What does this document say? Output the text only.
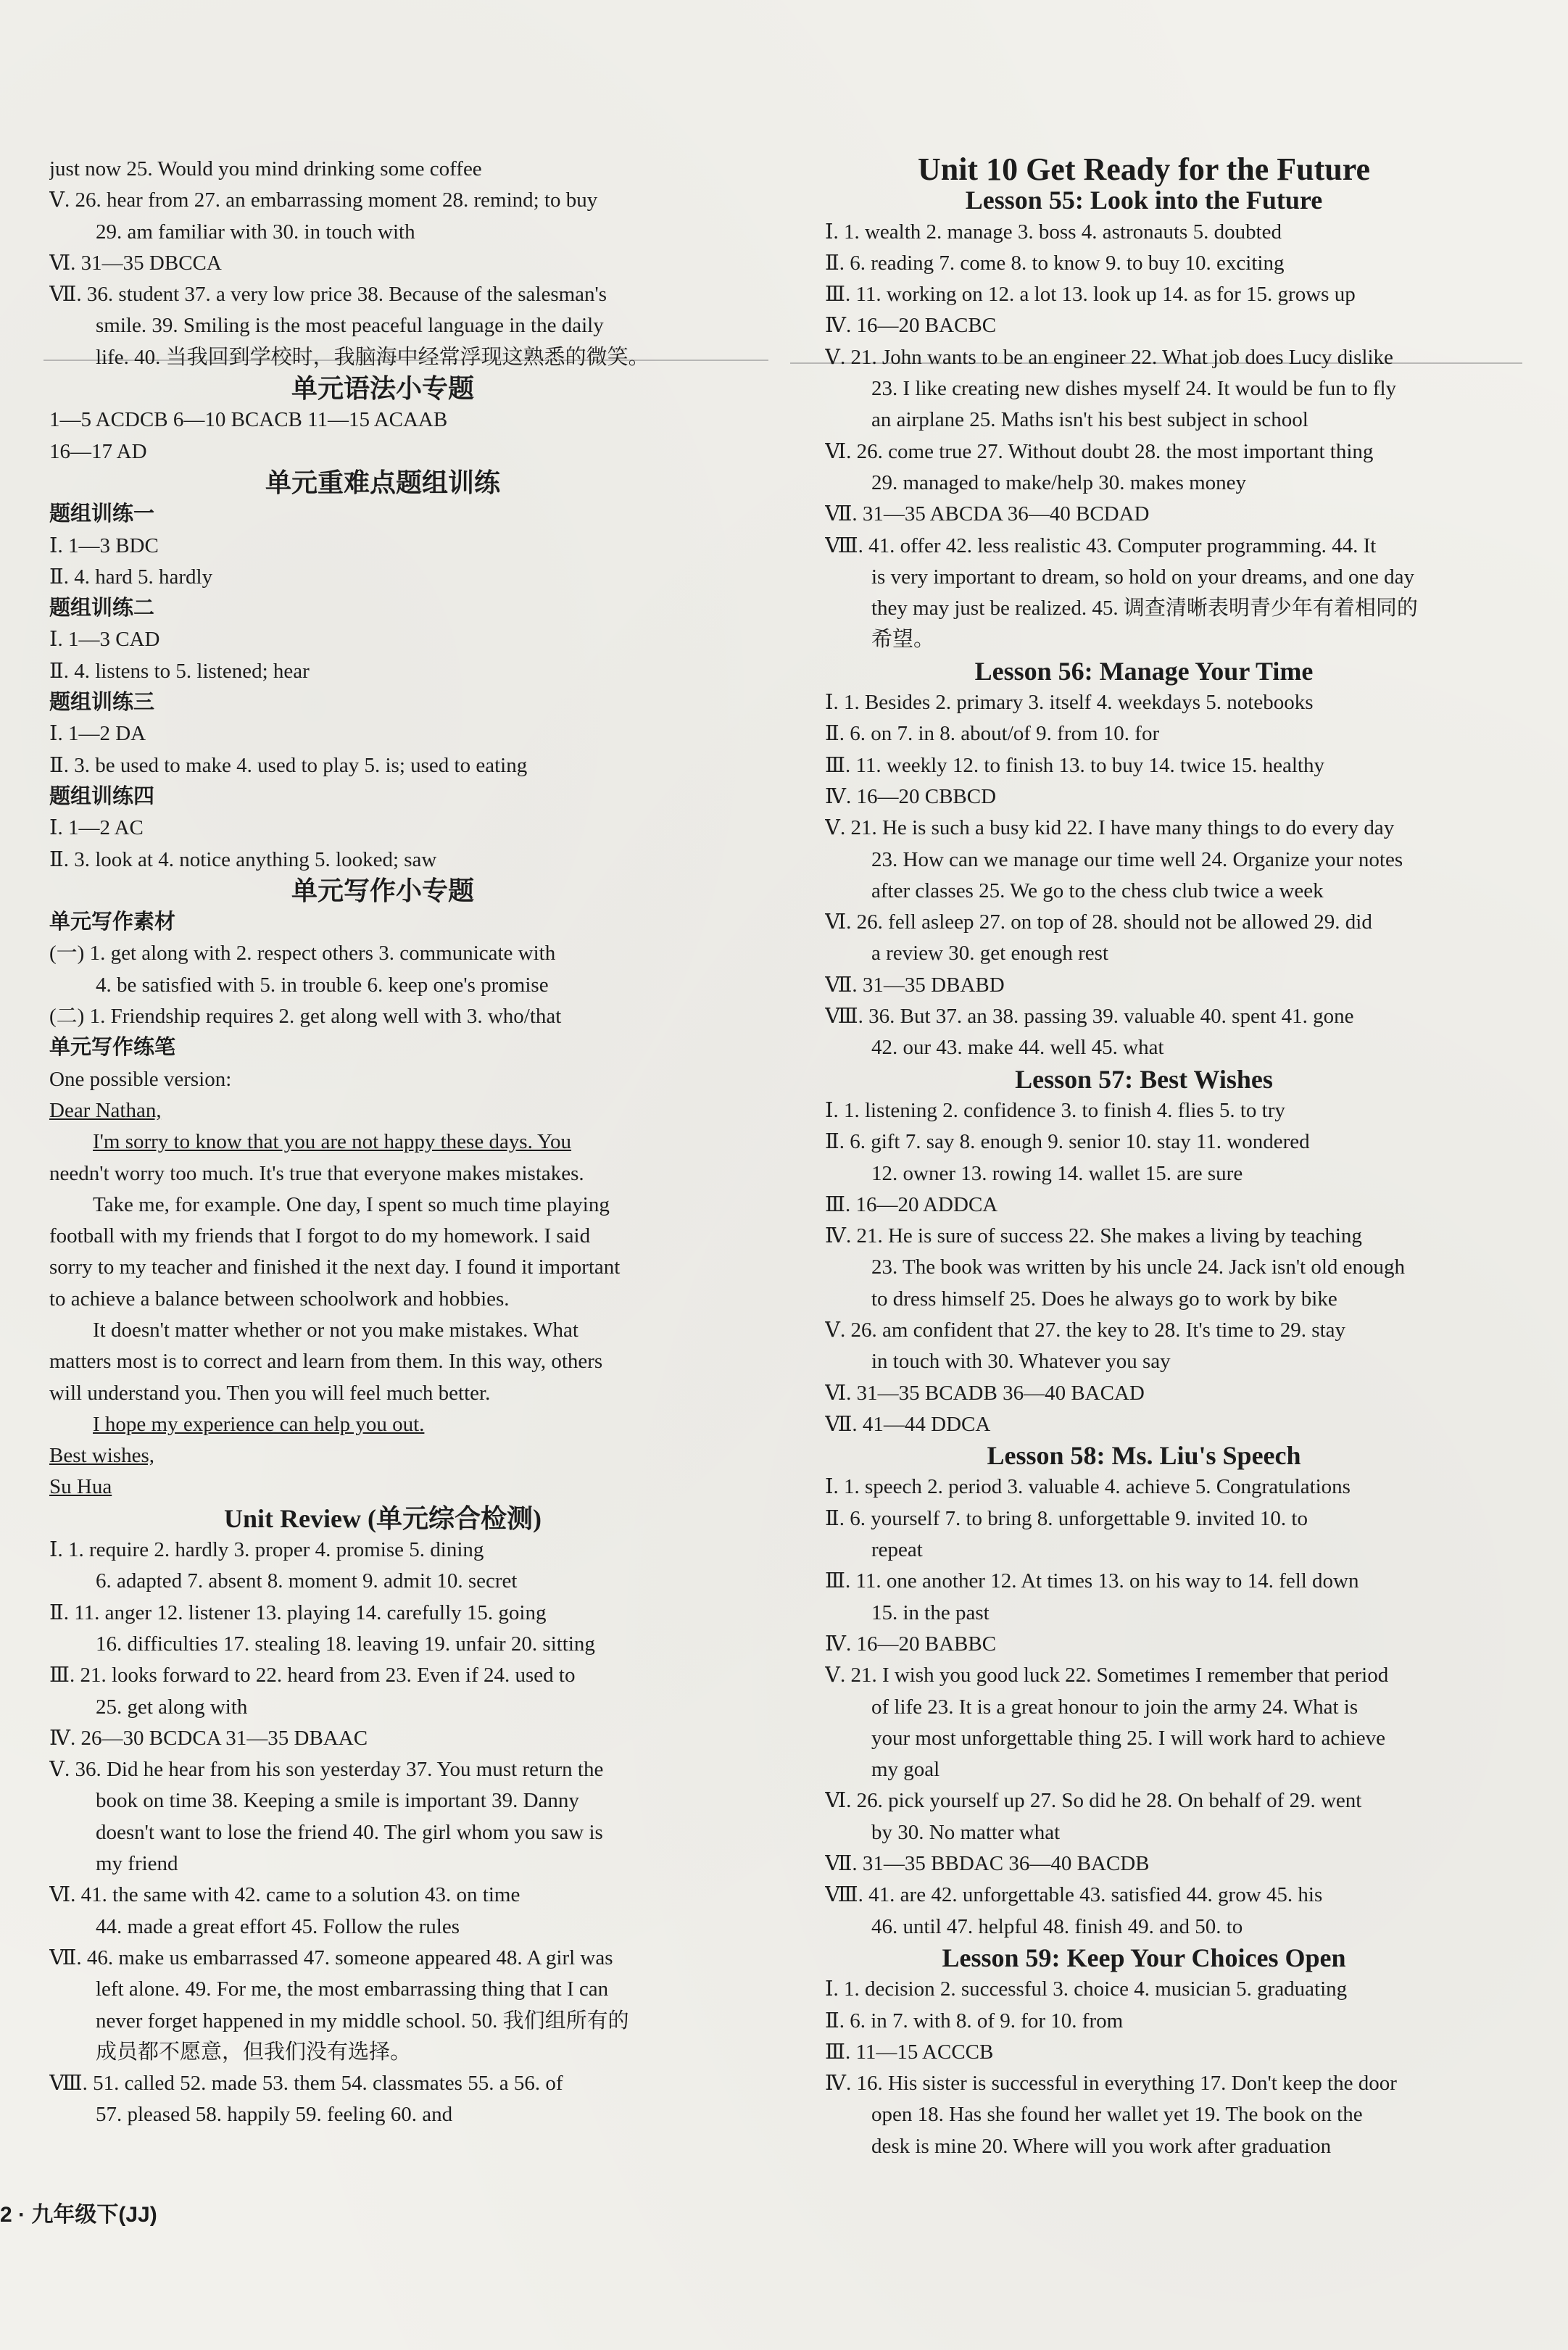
just now 25. Would you mind drinking some coffee
Ⅴ. 26. hear from 27. an embarrassing moment 28. remind; to buy
29. am familiar with 30. in touch with
Ⅵ. 31—35 DBCCA
Ⅶ. 36. student 37. a very low price 38. Because of the salesman's
smile. 39. Smiling is the most peaceful language in the daily
life. 40. 当我回到学校时，我脑海中经常浮现这熟悉的微笑。
单元语法小专题
1—5 ACDCB 6—10 BCACB 11—15 ACAAB
16—17 AD
单元重难点题组训练
题组训练一
Ⅰ. 1—3 BDC
Ⅱ. 4. hard 5. hardly
题组训练二
Ⅰ. 1—3 CAD
Ⅱ. 4. listens to 5. listened; hear
题组训练三
Ⅰ. 1—2 DA
Ⅱ. 3. be used to make 4. used to play 5. is; used to eating
题组训练四
Ⅰ. 1—2 AC
Ⅱ. 3. look at 4. notice anything 5. looked; saw
单元写作小专题
单元写作素材
(一) 1. get along with 2. respect others 3. communicate with
4. be satisfied with 5. in trouble 6. keep one's promise
(二) 1. Friendship requires 2. get along well with 3. who/that
单元写作练笔
One possible version:
Dear Nathan,
I'm sorry to know that you are not happy these days. You
needn't worry too much. It's true that everyone makes mistakes.
Take me, for example. One day, I spent so much time playing
football with my friends that I forgot to do my homework. I said
sorry to my teacher and finished it the next day. I found it important
to achieve a balance between schoolwork and hobbies.
It doesn't matter whether or not you make mistakes. What
matters most is to correct and learn from them. In this way, others
will understand you. Then you will feel much better.
I hope my experience can help you out.
Best wishes,
Su Hua
Unit Review (单元综合检测)
Ⅰ. 1. require 2. hardly 3. proper 4. promise 5. dining
6. adapted 7. absent 8. moment 9. admit 10. secret
Ⅱ. 11. anger 12. listener 13. playing 14. carefully 15. going
16. difficulties 17. stealing 18. leaving 19. unfair 20. sitting
Ⅲ. 21. looks forward to 22. heard from 23. Even if 24. used to
25. get along with
Ⅳ. 26—30 BCDCA 31—35 DBAAC
Ⅴ. 36. Did he hear from his son yesterday 37. You must return the
book on time 38. Keeping a smile is important 39. Danny
doesn't want to lose the friend 40. The girl whom you saw is
my friend
Ⅵ. 41. the same with 42. came to a solution 43. on time
44. made a great effort 45. Follow the rules
Ⅶ. 46. make us embarrassed 47. someone appeared 48. A girl was
left alone. 49. For me, the most embarrassing thing that I can
never forget happened in my middle school. 50. 我们组所有的
成员都不愿意，但我们没有选择。
Ⅷ. 51. called 52. made 53. them 54. classmates 55. a 56. of
57. pleased 58. happily 59. feeling 60. and
Unit 10 Get Ready for the Future
Lesson 55: Look into the Future
Ⅰ. 1. wealth 2. manage 3. boss 4. astronauts 5. doubted
Ⅱ. 6. reading 7. come 8. to know 9. to buy 10. exciting
Ⅲ. 11. working on 12. a lot 13. look up 14. as for 15. grows up
Ⅳ. 16—20 BACBC
Ⅴ. 21. John wants to be an engineer 22. What job does Lucy dislike
23. I like creating new dishes myself 24. It would be fun to fly
an airplane 25. Maths isn't his best subject in school
Ⅵ. 26. come true 27. Without doubt 28. the most important thing
29. managed to make/help 30. makes money
Ⅶ. 31—35 ABCDA 36—40 BCDAD
Ⅷ. 41. offer 42. less realistic 43. Computer programming. 44. It
is very important to dream, so hold on your dreams, and one day
they may just be realized. 45. 调查清晰表明青少年有着相同的
希望。
Lesson 56: Manage Your Time
Ⅰ. 1. Besides 2. primary 3. itself 4. weekdays 5. notebooks
Ⅱ. 6. on 7. in 8. about/of 9. from 10. for
Ⅲ. 11. weekly 12. to finish 13. to buy 14. twice 15. healthy
Ⅳ. 16—20 CBBCD
Ⅴ. 21. He is such a busy kid 22. I have many things to do every day
23. How can we manage our time well 24. Organize your notes
after classes 25. We go to the chess club twice a week
Ⅵ. 26. fell asleep 27. on top of 28. should not be allowed 29. did
a review 30. get enough rest
Ⅶ. 31—35 DBABD
Ⅷ. 36. But 37. an 38. passing 39. valuable 40. spent 41. gone
42. our 43. make 44. well 45. what
Lesson 57: Best Wishes
Ⅰ. 1. listening 2. confidence 3. to finish 4. flies 5. to try
Ⅱ. 6. gift 7. say 8. enough 9. senior 10. stay 11. wondered
12. owner 13. rowing 14. wallet 15. are sure
Ⅲ. 16—20 ADDCA
Ⅳ. 21. He is sure of success 22. She makes a living by teaching
23. The book was written by his uncle 24. Jack isn't old enough
to dress himself 25. Does he always go to work by bike
Ⅴ. 26. am confident that 27. the key to 28. It's time to 29. stay
in touch with 30. Whatever you say
Ⅵ. 31—35 BCADB 36—40 BACAD
Ⅶ. 41—44 DDCA
Lesson 58: Ms. Liu's Speech
Ⅰ. 1. speech 2. period 3. valuable 4. achieve 5. Congratulations
Ⅱ. 6. yourself 7. to bring 8. unforgettable 9. invited 10. to
repeat
Ⅲ. 11. one another 12. At times 13. on his way to 14. fell down
15. in the past
Ⅳ. 16—20 BABBC
Ⅴ. 21. I wish you good luck 22. Sometimes I remember that period
of life 23. It is a great honour to join the army 24. What is
your most unforgettable thing 25. I will work hard to achieve
my goal
Ⅵ. 26. pick yourself up 27. So did he 28. On behalf of 29. went
by 30. No matter what
Ⅶ. 31—35 BBDAC 36—40 BACDB
Ⅷ. 41. are 42. unforgettable 43. satisfied 44. grow 45. his
46. until 47. helpful 48. finish 49. and 50. to
Lesson 59: Keep Your Choices Open
Ⅰ. 1. decision 2. successful 3. choice 4. musician 5. graduating
Ⅱ. 6. in 7. with 8. of 9. for 10. from
Ⅲ. 11—15 ACCCB
Ⅳ. 16. His sister is successful in everything 17. Don't keep the door
open 18. Has she found her wallet yet 19. The book on the
desk is mine 20. Where will you work after graduation
2 · 九年级下(JJ)
